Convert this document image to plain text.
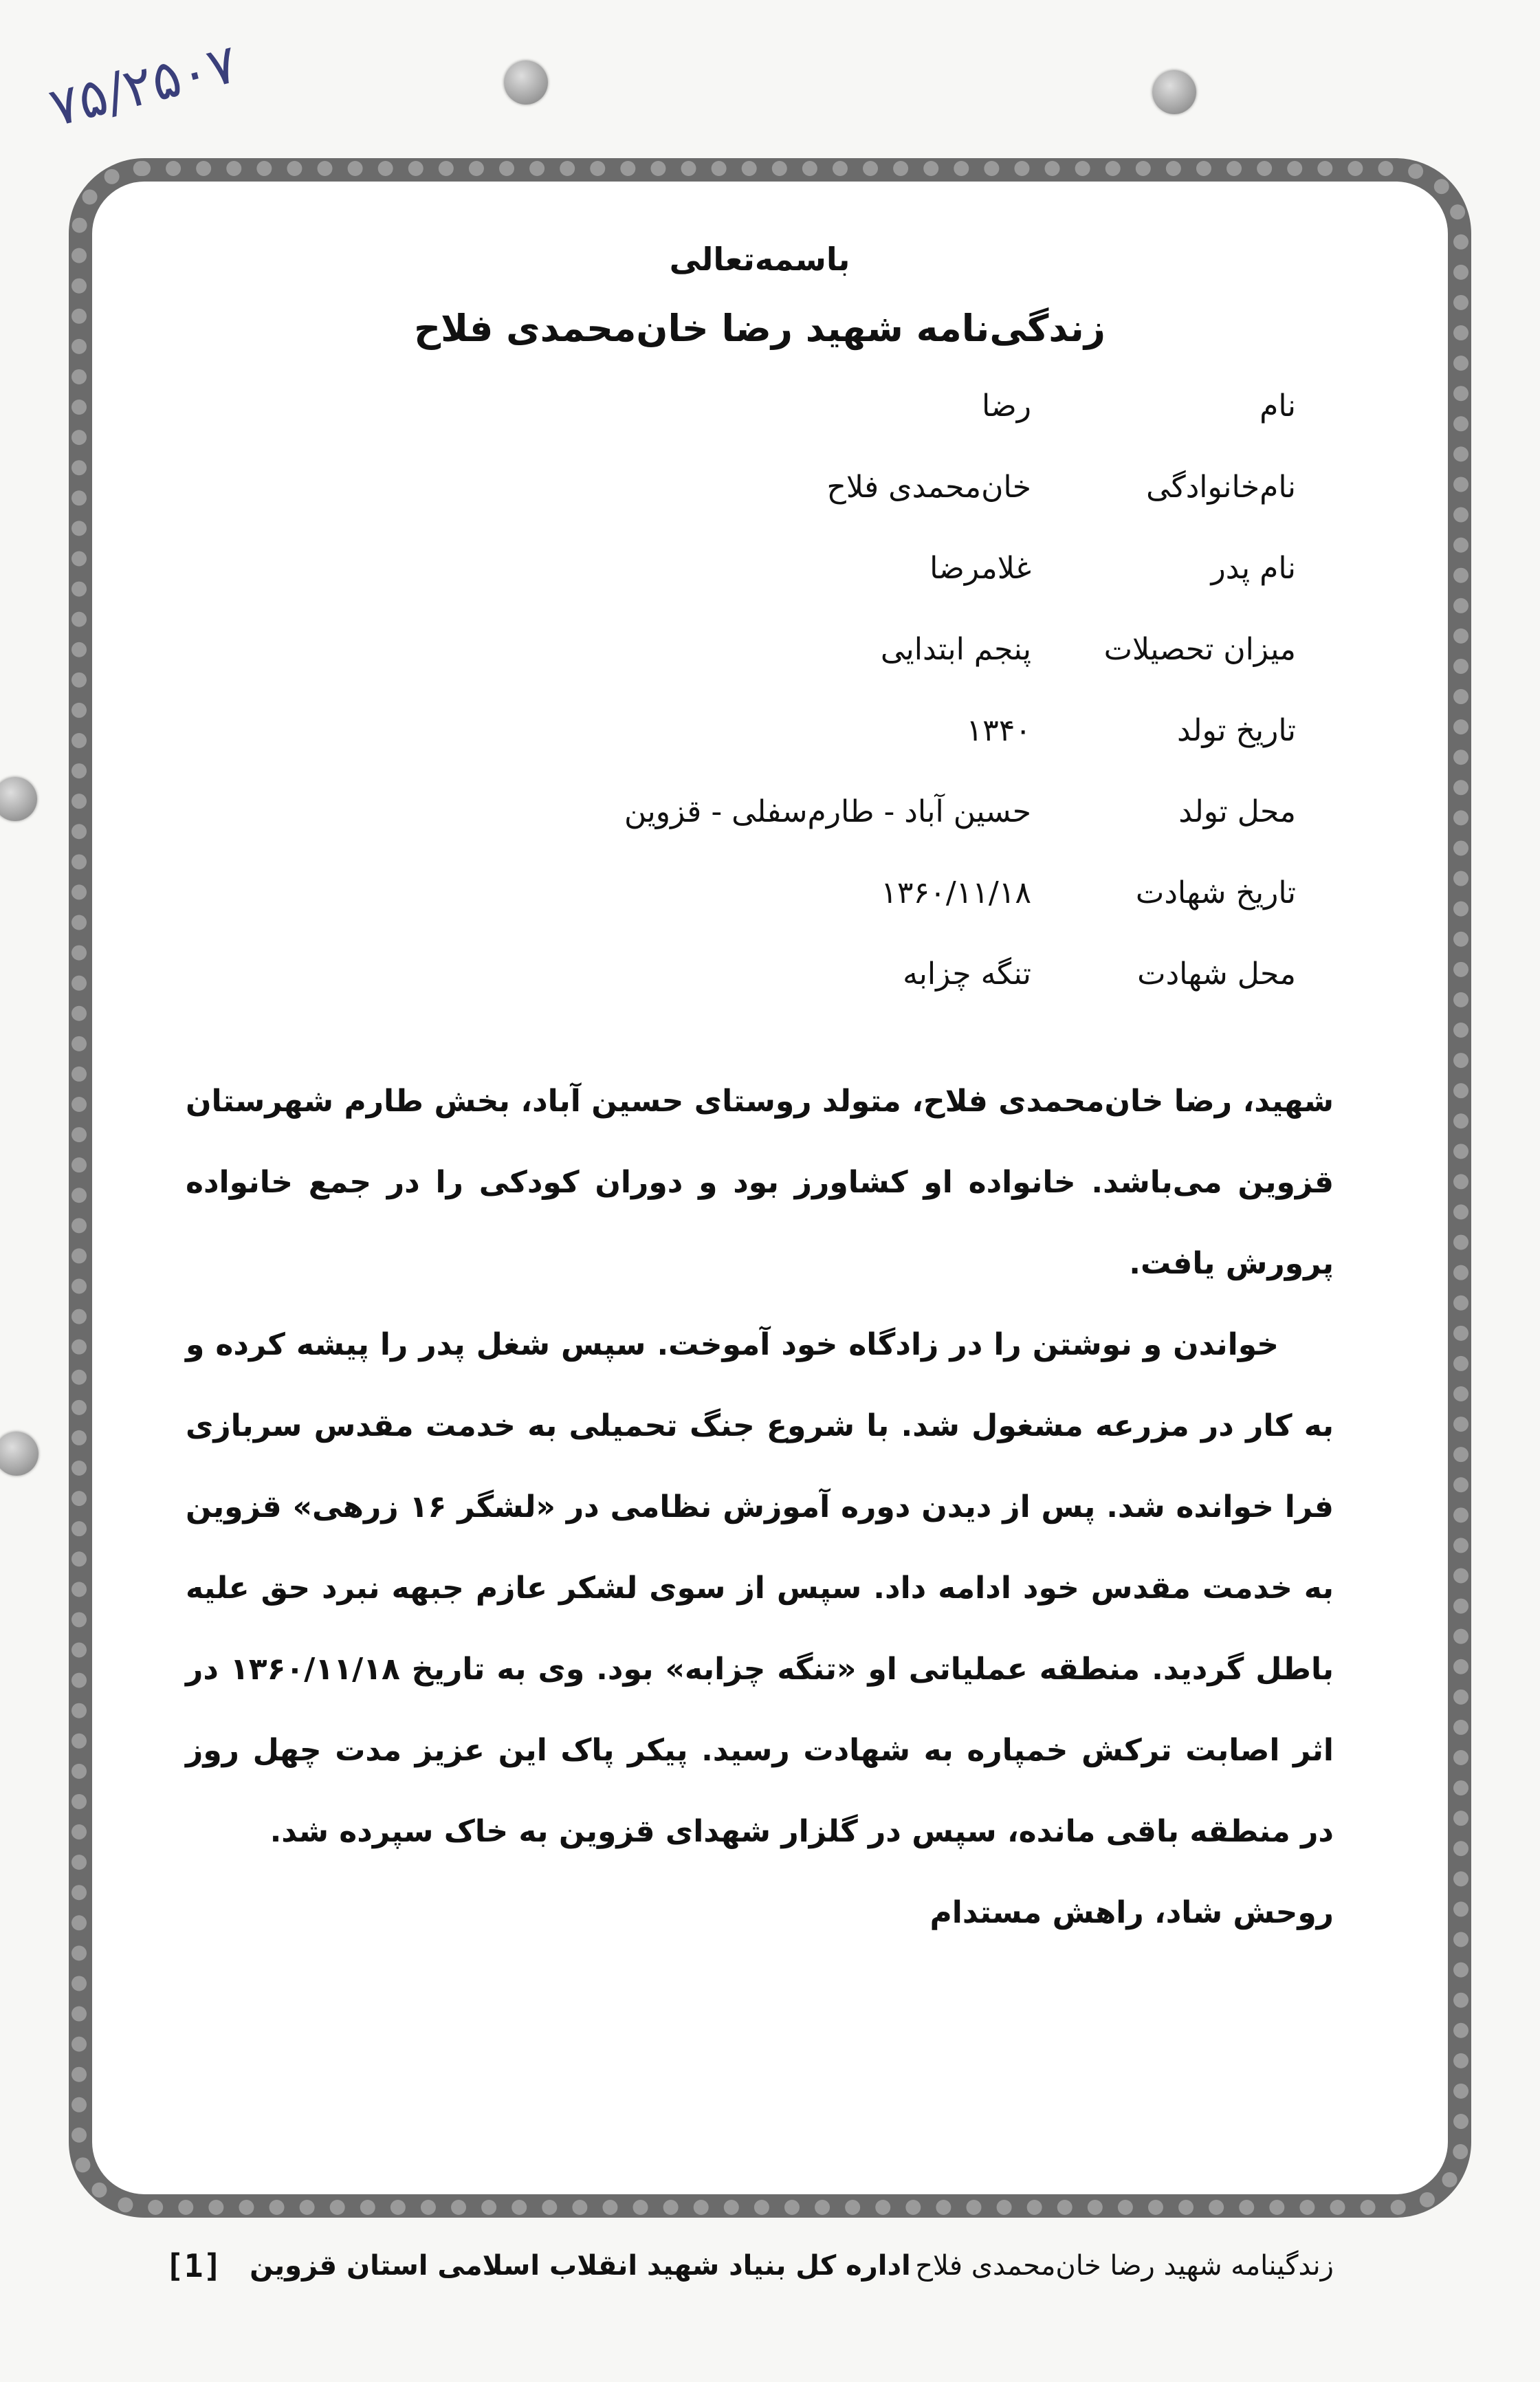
۷۵/۲۵۰۷
باسمه‌تعالی
زندگی‌نامه شهید رضا خان‌محمدی فلاح
نام
رضا
نام‌خانوادگی
خان‌محمدی فلاح
نام پدر
غلامرضا
میزان تحصیلات
پنجم ابتدایی
تاریخ تولد
۱۳۴۰
محل تولد
حسین آباد - طارم‌سفلی - قزوین
تاریخ شهادت
۱۳۶۰/۱۱/۱۸
محل شهادت
تنگه چزابه

شهید، رضا خان‌محمدی فلاح، متولد روستای حسین آباد، بخش طارم شهرستان قزوین می‌باشد. خانواده او کشاورز بود و دوران کودکی را در جمع خانواده پرورش یافت.

خواندن و نوشتن را در زادگاه خود آموخت. سپس شغل پدر را پیشه کرده و به کار در مزرعه مشغول شد. با شروع جنگ تحمیلی به خدمت مقدس سربازی فرا خوانده شد. پس از دیدن دوره آموزش نظامی در «لشگر ۱۶ زرهی» قزوین به خدمت مقدس خود ادامه داد. سپس از سوی لشکر عازم جبهه نبرد حق علیه باطل گردید. منطقه عملیاتی او «تنگه چزابه» بود. وی به تاریخ ۱۳۶۰/۱۱/۱۸ در اثر اصابت ترکش خمپاره به شهادت رسید. پیکر پاک این عزیز مدت چهل روز در منطقه باقی مانده، سپس در گلزار شهدای قزوین به خاک سپرده شد.

روحش شاد، راهش مستدام

زندگینامه شهید رضا خان‌محمدی فلاح
اداره کل بنیاد شهید انقلاب اسلامی استان قزوین
[1]
